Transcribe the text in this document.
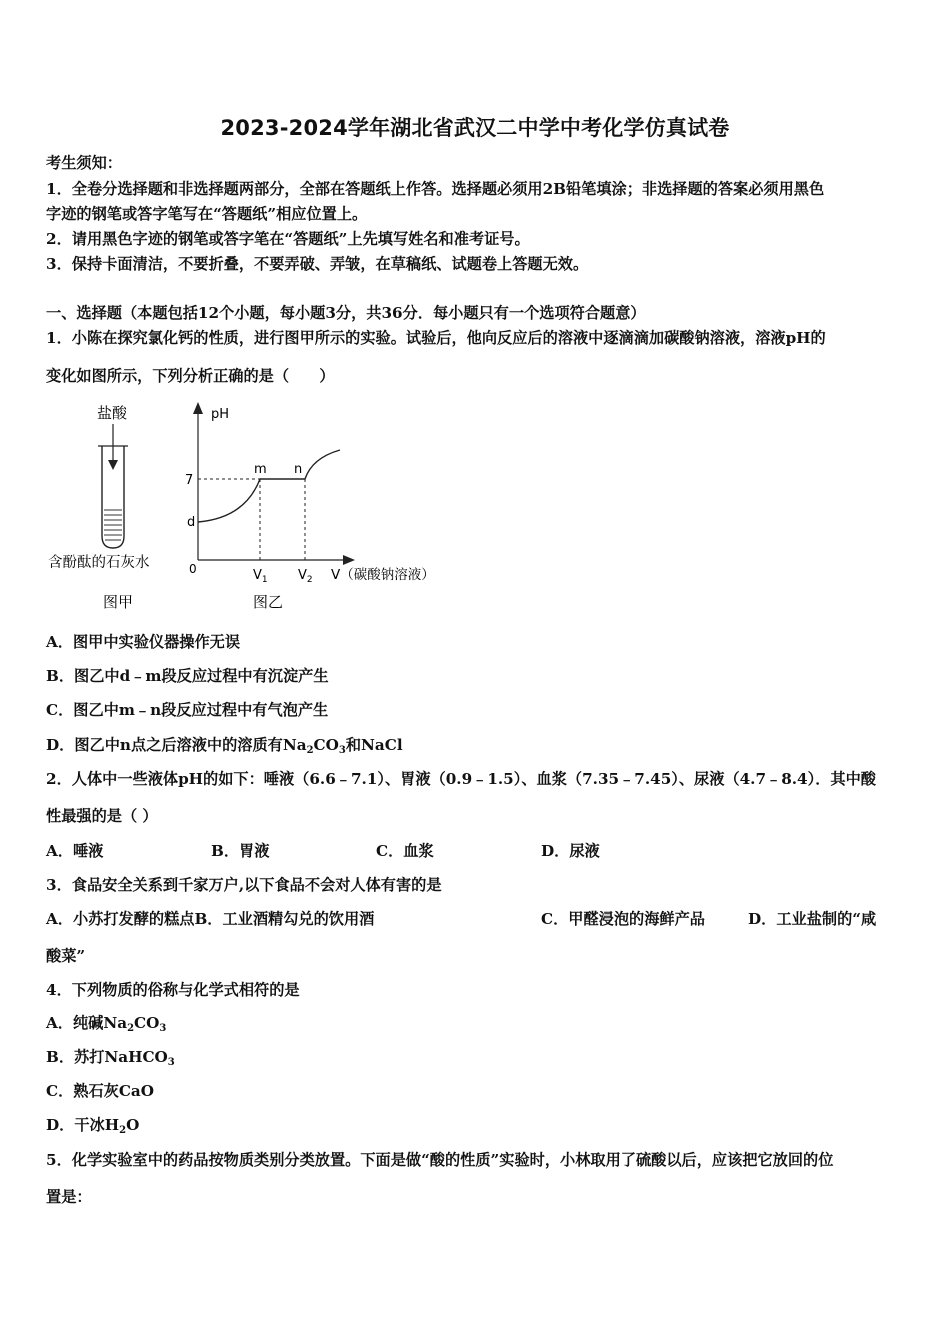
2023-2024学年湖北省武汉二中学中考化学仿真试卷
考生须知：
1．全卷分选择题和非选择题两部分，全部在答题纸上作答。选择题必须用2B铅笔填涂；非选择题的答案必须用黑色
字迹的钢笔或答字笔写在“答题纸”相应位置上。
2．请用黑色字迹的钢笔或答字笔在“答题纸”上先填写姓名和准考证号。
3．保持卡面清洁，不要折叠，不要弄破、弄皱，在草稿纸、试题卷上答题无效。
一、选择题（本题包括12个小题，每小题3分，共36分．每小题只有一个选项符合题意）
1．小陈在探究氯化钙的性质，进行图甲所示的实验。试验后，他向反应后的溶液中逐滴滴加碳酸钠溶液，溶液pH的
变化如图所示，下列分析正确的是（　　）
盐酸
含酚酞的石灰水
图甲
pH
7
d
0
m n
$V_1$ $V_2$ V（碳酸钠溶液）
图乙
A．图甲中实验仪器操作无误
B．图乙中d﹣m段反应过程中有沉淀产生
C．图乙中m﹣n段反应过程中有气泡产生
D．图乙中n点之后溶液中的溶质有$Na_2CO_3$和NaCl
2．人体中一些液体pH的如下：唾液（6.6﹣7.1）、胃液（0.9﹣1.5）、血浆（7.35﹣7.45）、尿液（4.7﹣8.4）．其中酸
性最强的是（ ）
A．唾液	B．胃液	C．血浆	D．尿液
3．食品安全关系到千家万户,以下食品不会对人体有害的是
A．小苏打发酵的糕点B．工业酒精勾兑的饮用酒	C．甲醛浸泡的海鲜产品	D．工业盐制的“咸
酸菜”
4．下列物质的俗称与化学式相符的是
A．纯碱$Na_2CO_3$
B．苏打NaHCO$_3$
C．熟石灰CaO
D．干冰$H_2O$
5．化学实验室中的药品按物质类别分类放置。下面是做“酸的性质”实验时，小林取用了硫酸以后，应该把它放回的位
置是：
